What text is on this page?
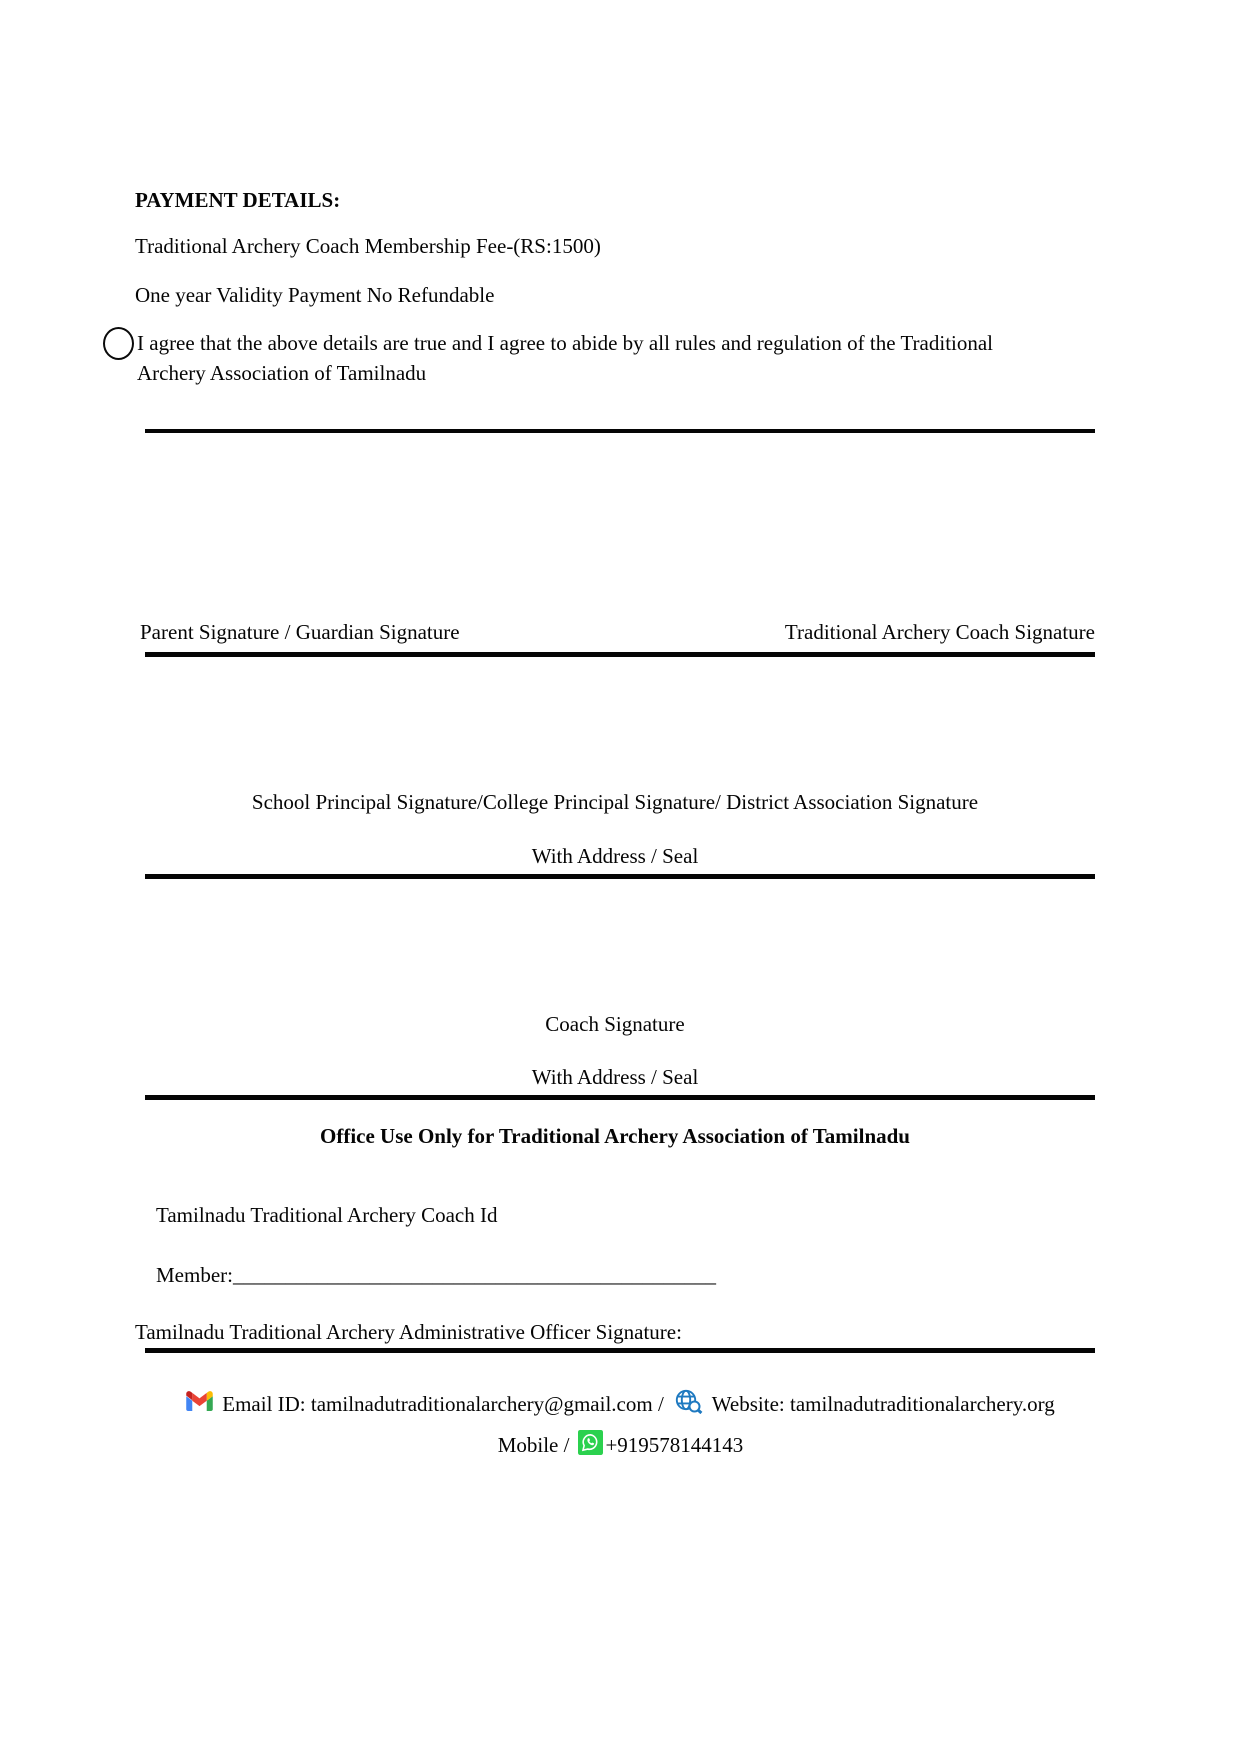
PAYMENT DETAILS:
Traditional Archery Coach Membership Fee-(RS:1500)
One year Validity Payment No Refundable
I agree that the above details are true and I agree to abide by all rules and regulation of the Traditional Archery Association of Tamilnadu
Parent Signature / Guardian Signature	Traditional Archery Coach Signature
School Principal Signature/College Principal Signature/ District Association Signature
With Address / Seal
Coach Signature
With Address / Seal
Office Use Only for Traditional Archery Association of Tamilnadu

Tamilnadu Traditional Archery Coach Id

Member:______________________________________________

Tamilnadu Traditional Archery Administrative Officer Signature:
Email ID: tamilnadutraditionalarchery@gmail.com / Website: tamilnadutraditionalarchery.org
Mobile / +919578144143
